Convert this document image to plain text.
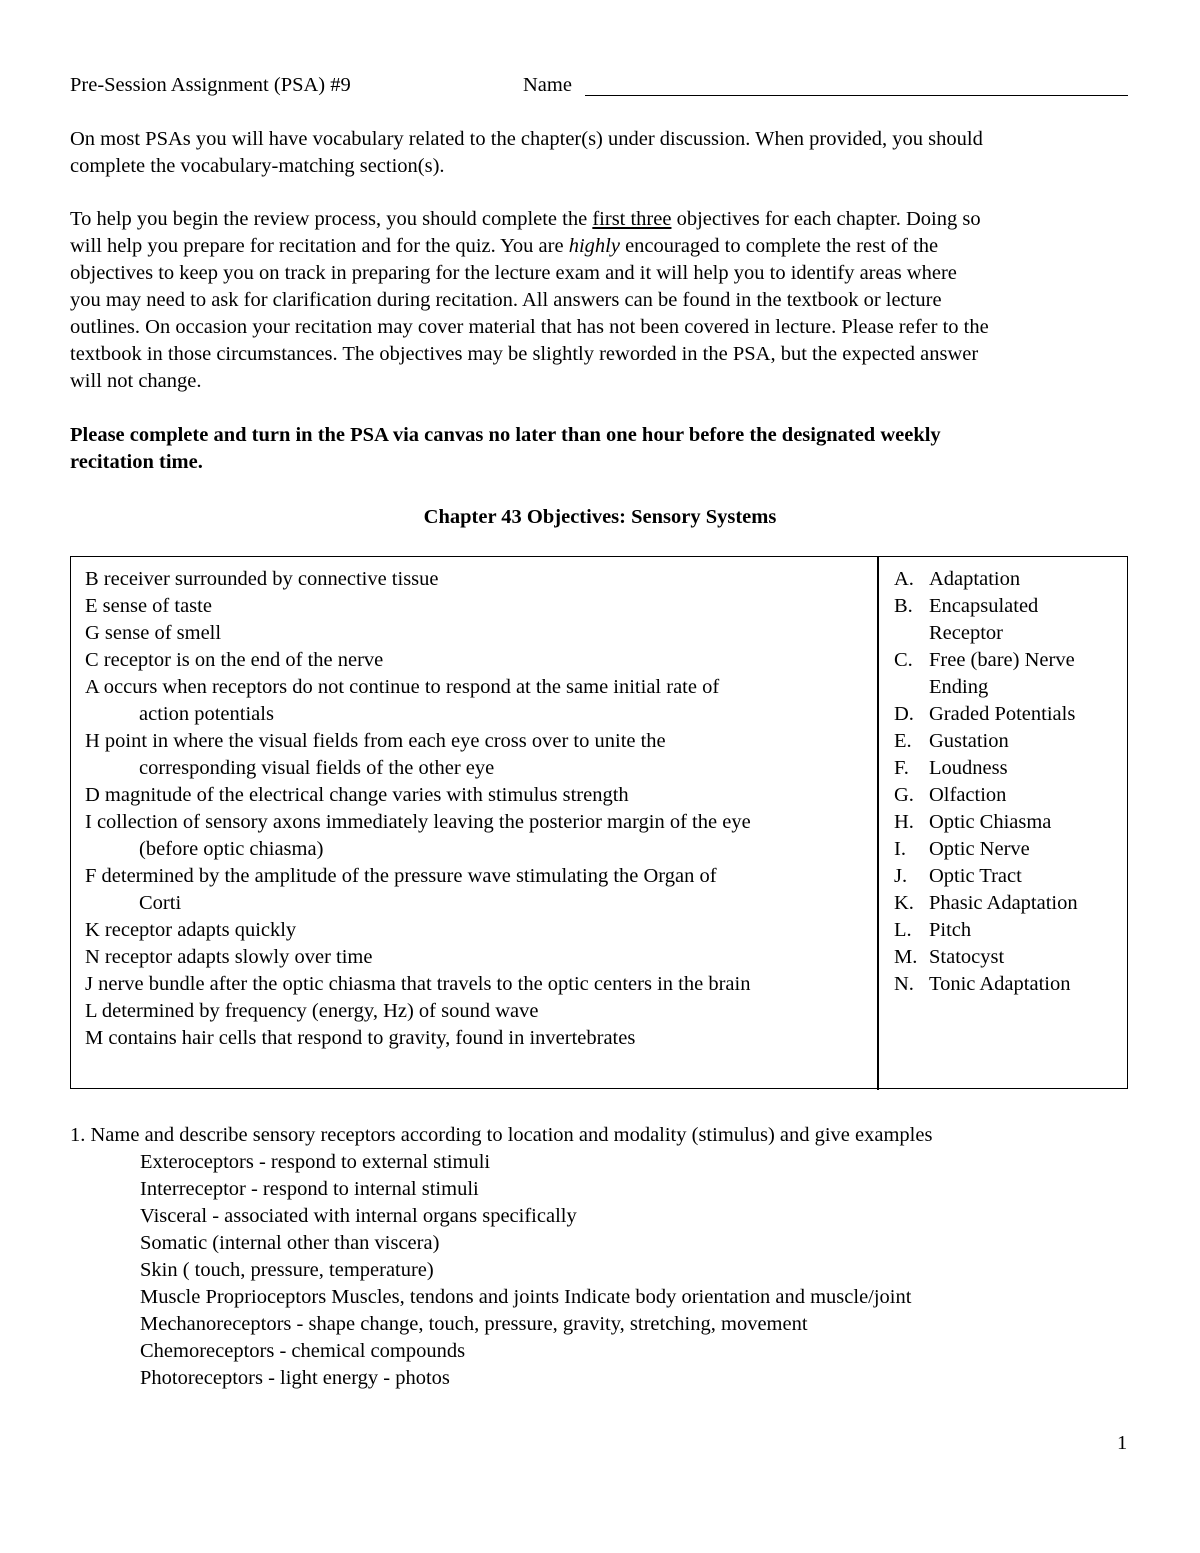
Pre-Session Assignment (PSA) #9	Name
On most PSAs you will have vocabulary related to the chapter(s) under discussion. When provided, you should
complete the vocabulary-matching section(s).
To help you begin the review process, you should complete the first three objectives for each chapter. Doing so
will help you prepare for recitation and for the quiz. You are highly encouraged to complete the rest of the
objectives to keep you on track in preparing for the lecture exam and it will help you to identify areas where
you may need to ask for clarification during recitation. All answers can be found in the textbook or lecture
outlines. On occasion your recitation may cover material that has not been covered in lecture. Please refer to the
textbook in those circumstances. The objectives may be slightly reworded in the PSA, but the expected answer
will not change.
Please complete and turn in the PSA via canvas no later than one hour before the designated weekly
recitation time.
Chapter 43 Objectives: Sensory Systems
B receiver surrounded by connective tissue
E sense of taste
G sense of smell
C receptor is on the end of the nerve
A occurs when receptors do not continue to respond at the same initial rate of
action potentials
H point in where the visual fields from each eye cross over to unite the
corresponding visual fields of the other eye
D magnitude of the electrical change varies with stimulus strength
I collection of sensory axons immediately leaving the posterior margin of the eye
(before optic chiasma)
F determined by the amplitude of the pressure wave stimulating the Organ of
Corti
K receptor adapts quickly
N receptor adapts slowly over time
J nerve bundle after the optic chiasma that travels to the optic centers in the brain
L determined by frequency (energy, Hz) of sound wave
M contains hair cells that respond to gravity, found in invertebrates
A. Adaptation
B. Encapsulated
Receptor
C. Free (bare) Nerve
Ending
D. Graded Potentials
E. Gustation
F. Loudness
G. Olfaction
H. Optic Chiasma
I.	Optic Nerve
J.	Optic Tract
K. Phasic Adaptation
L. Pitch
M. Statocyst
N. Tonic Adaptation
1. Name and describe sensory receptors according to location and modality (stimulus) and give examples
Exteroceptors - respond to external stimuli
Interreceptor - respond to internal stimuli
Visceral - associated with internal organs specifically
Somatic (internal other than viscera)
Skin ( touch, pressure, temperature)
Muscle Proprioceptors Muscles, tendons and joints Indicate body orientation and muscle/joint
Mechanoreceptors - shape change, touch, pressure, gravity, stretching, movement
Chemoreceptors - chemical compounds
Photoreceptors - light energy - photos
1
